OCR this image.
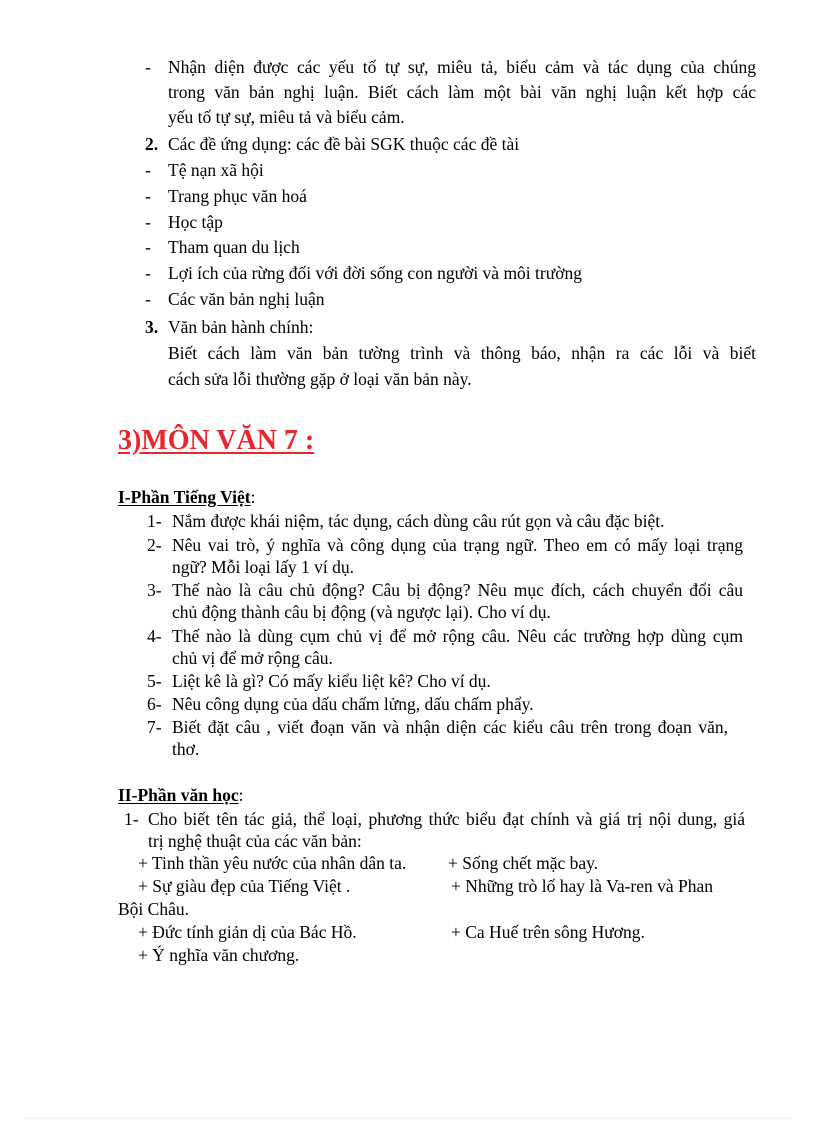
- Nhận diện được các yếu tố tự sự, miêu tả, biểu cảm và tác dụng của chúng
trong văn bản nghị luận. Biết cách làm một bài văn nghị luận kết hợp các
yếu tố tự sự, miêu tả và biểu cảm.
2. Các đề ứng dụng: các đề bài SGK thuộc các đề tài
- Tệ nạn xã hội
- Trang phục văn hoá
- Học tập
- Tham quan du lịch
- Lợi ích của rừng đối với đời sống con người và môi trường
- Các văn bản nghị luận
3. Văn bản hành chính:
Biết cách làm văn bản tường trình và thông báo, nhận ra các lỗi và biết
cách sửa lỗi thường gặp ở loại văn bản này.
3)MÔN VĂN 7 :
I-Phần Tiếng Việt:
1- Nắm được khái niệm, tác dụng, cách dùng câu rút gọn và câu đặc biệt.
2- Nêu vai trò, ý nghĩa và công dụng của trạng ngữ. Theo em có mấy loại trạng
ngữ? Mỗi loại lấy 1 ví dụ.
3- Thế nào là câu chủ động? Câu bị động? Nêu mục đích, cách chuyển đổi câu
chủ động thành câu bị động (và ngược lại). Cho ví dụ.
4- Thế nào là dùng cụm chủ vị để mở rộng câu. Nêu các trường hợp dùng cụm
chủ vị để mở rộng câu.
5- Liệt kê là gì? Có mấy kiểu liệt kê? Cho ví dụ.
6- Nêu công dụng của dấu chấm lửng, dấu chấm phẩy.
7- Biết đặt câu , viết đoạn văn và nhận diện các kiểu câu trên trong đoạn văn,
thơ.
II-Phần văn học:
1- Cho biết tên tác giả, thể loại, phương thức biểu đạt chính và giá trị nội dung, giá
trị nghệ thuật của các văn bản:
+ Tinh thần yêu nước của nhân dân ta. + Sống chết mặc bay.
+ Sự giàu đẹp của Tiếng Việt .	+ Những trò lố hay là Va-ren và Phan
Bội Châu.
+ Đức tính giản dị của Bác Hồ.	+ Ca Huế trên sông Hương.
+ Ý nghĩa văn chương.
